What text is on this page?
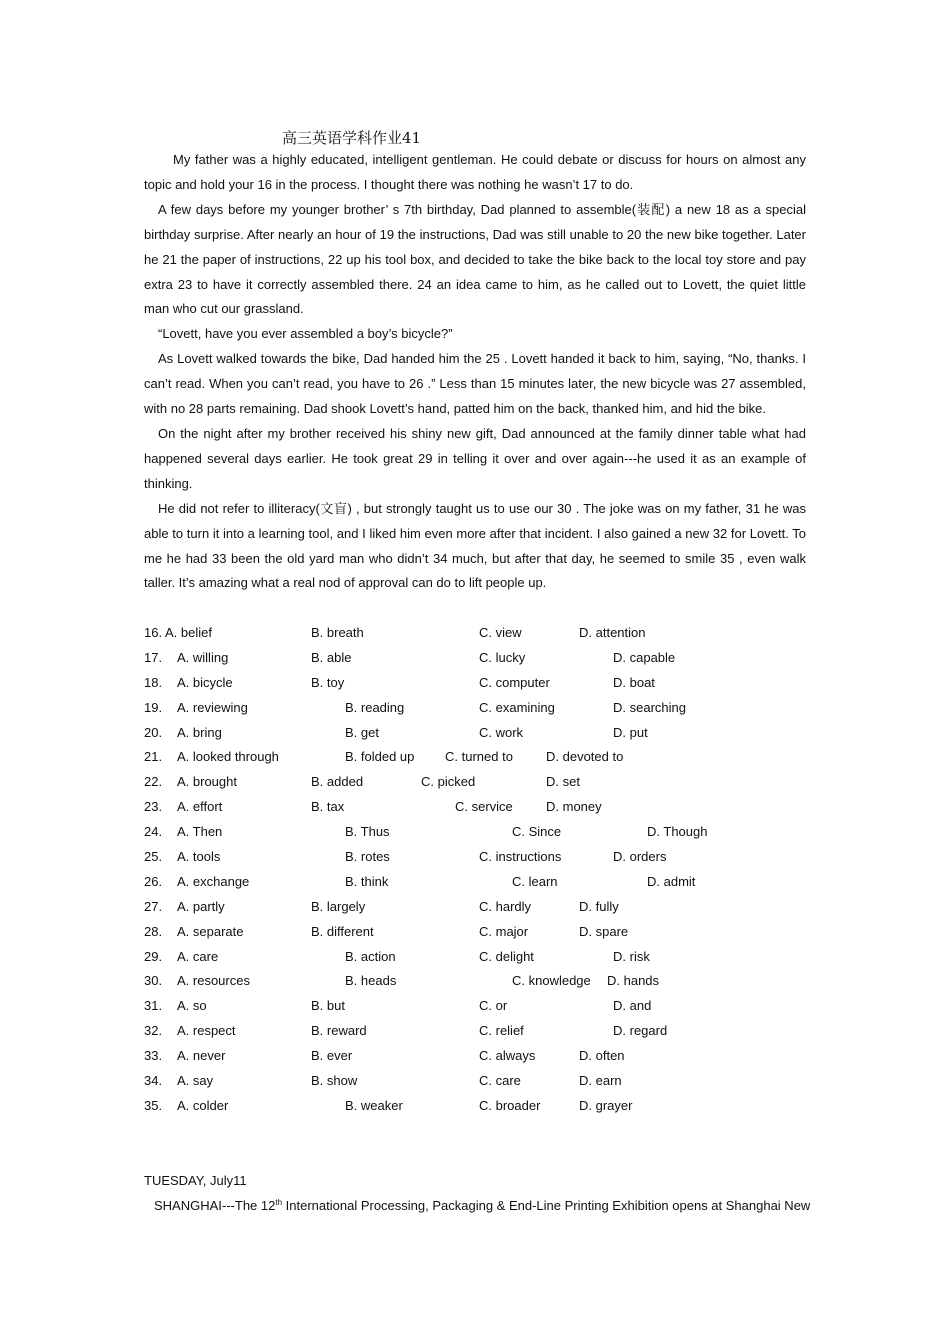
高三英语学科作业41

My father was a highly educated, intelligent gentleman. He could debate or discuss for hours on almost any topic and hold your 16 in the process. I thought there was nothing he wasn’t 17 to do.

A few days before my younger brother’ s 7th birthday, Dad planned to assemble(装配) a new 18 as a special birthday surprise. After nearly an hour of 19 the instructions, Dad was still unable to 20 the new bike together. Later he 21 the paper of instructions, 22 up his tool box, and decided to take the bike back to the local toy store and pay extra 23 to have it correctly assembled there. 24 an idea came to him, as he called out to Lovett, the quiet little man who cut our grassland.

“Lovett, have you ever assembled a boy’s bicycle?”

As Lovett walked towards the bike, Dad handed him the 25 . Lovett handed it back to him, saying, “No, thanks. I can’t read. When you can’t read, you have to 26 .” Less than 15 minutes later, the new bicycle was 27 assembled, with no 28 parts remaining. Dad shook Lovett’s hand, patted him on the back, thanked him, and hid the bike.

On the night after my brother received his shiny new gift, Dad announced at the family dinner table what had happened several days earlier. He took great 29 in telling it over and over again---he used it as an example of thinking.

He did not refer to illiteracy(文盲) , but strongly taught us to use our 30 . The joke was on my father, 31 he was able to turn it into a learning tool, and I liked him even more after that incident. I also gained a new 32 for Lovett. To me he had 33 been the old yard man who didn’t 34 much, but after that day, he seemed to smile 35 , even walk taller. It’s amazing what a real nod of approval can do to lift people up.

16. A. belief	B. breath	C. view	D. attention
17. A. willing	B. able	C. lucky	D. capable
18. A. bicycle	B. toy	C. computer	D. boat
19. A. reviewing	B. reading	C. examining	D. searching
20. A. bring	B. get	C. work	D. put
21. A. looked through	B. folded up C. turned to	D. devoted to
22. A. brought	B. added	C. picked	D. set
23. A. effort	B. tax	C. service	D. money
24. A. Then	B. Thus	C. Since	D. Though
25. A. tools	B. rotes	C. instructions	D. orders
26. A. exchange	B. think	C. learn	D. admit
27. A. partly	B. largely	C. hardly	D. fully
28. A. separate	B. different	C. major	D. spare
29. A. care	B. action	C. delight	D. risk
30. A. resources	B. heads	C. knowledge D. hands
31. A. so	B. but	C. or	D. and
32. A. respect	B. reward	C. relief	D. regard
33. A. never	B. ever	C. always	D. often
34. A. say	B. show	C. care	D. earn
35. A. colder	B. weaker	C. broader	D. grayer
TUESDAY, July11
SHANGHAI---The 12th International Processing, Packaging & End-Line Printing Exhibition opens at Shanghai New
